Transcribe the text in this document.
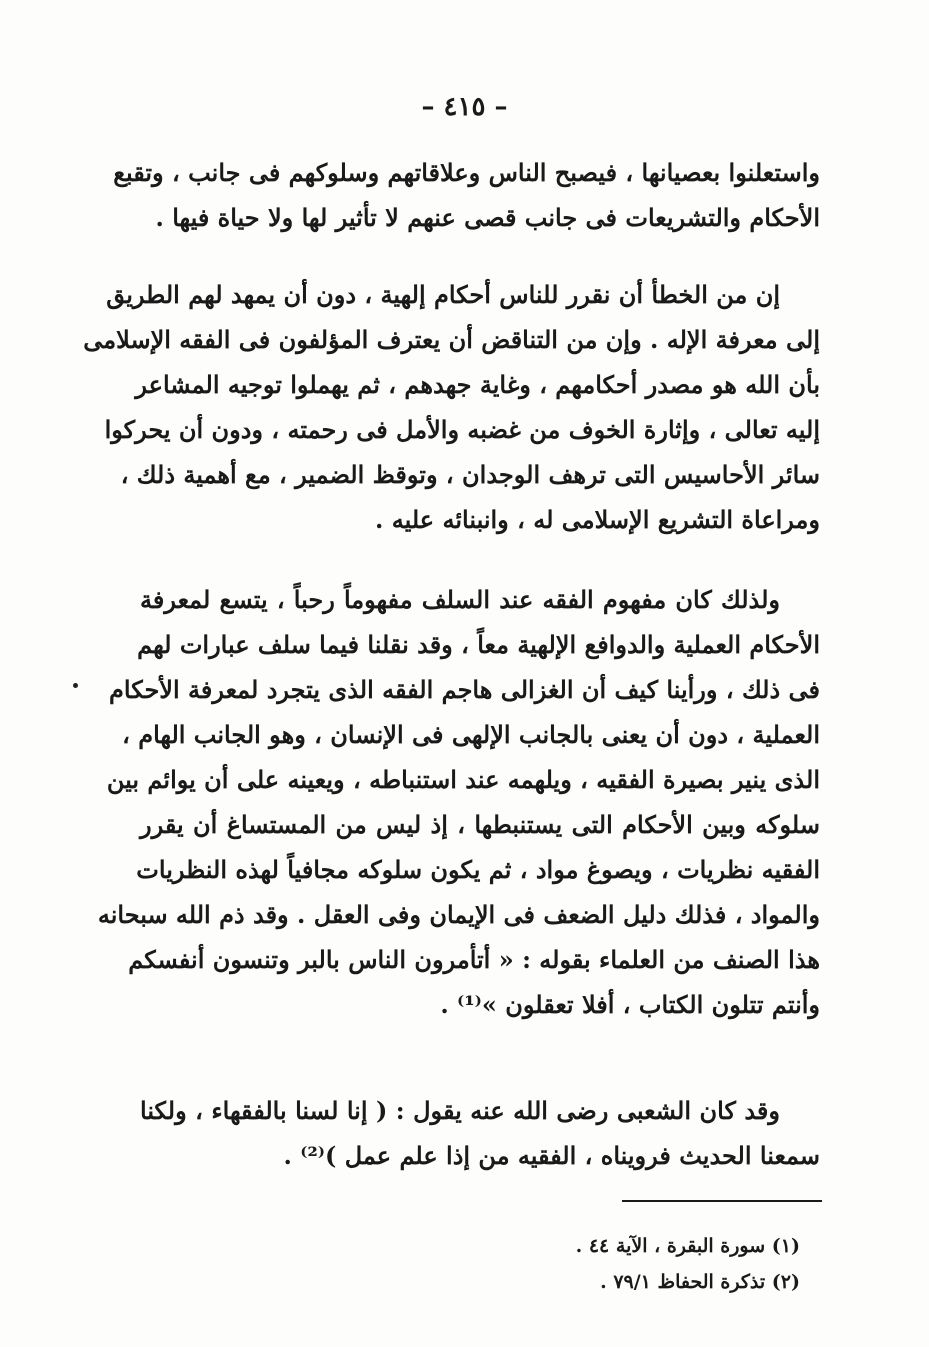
– ٤١٥ –
واستعلنوا بعصيانها ، فيصبح الناس وعلاقاتهم وسلوكهم فى جانب ، وتقبع
الأحكام والتشريعات فى جانب قصى عنهم لا تأثير لها ولا حياة فيها .
إن من الخطأ أن نقرر للناس أحكام إلهية ، دون أن يمهد لهم الطريق
إلى معرفة الإله . وإن من التناقض أن يعترف المؤلفون فى الفقه الإسلامى
بأن الله هو مصدر أحكامهم ، وغاية جهدهم ، ثم يهملوا توجيه المشاعر
إليه تعالى ، وإثارة الخوف من غضبه والأمل فى رحمته ، ودون أن يحركوا
سائر الأحاسيس التى ترهف الوجدان ، وتوقظ الضمير ، مع أهمية ذلك ،
ومراعاة التشريع الإسلامى له ، وانبنائه عليه .
ولذلك كان مفهوم الفقه عند السلف مفهوماً رحباً ، يتسع لمعرفة
الأحكام العملية والدوافع الإلهية معاً ، وقد نقلنا فيما سلف عبارات لهم
فى ذلك ، ورأينا كيف أن الغزالى هاجم الفقه الذى يتجرد لمعرفة الأحكام
العملية ، دون أن يعنى بالجانب الإلهى فى الإنسان ، وهو الجانب الهام ،
الذى ينير بصيرة الفقيه ، ويلهمه عند استنباطه ، ويعينه على أن يوائم بين
سلوكه وبين الأحكام التى يستنبطها ، إذ ليس من المستساغ أن يقرر
الفقيه نظريات ، ويصوغ مواد ، ثم يكون سلوكه مجافياً لهذه النظريات
والمواد ، فذلك دليل الضعف فى الإيمان وفى العقل . وقد ذم الله سبحانه
هذا الصنف من العلماء بقوله : « أتأمرون الناس بالبر وتنسون أنفسكم
وأنتم تتلون الكتاب ، أفلا تعقلون »⁽¹⁾ .
وقد كان الشعبى رضى الله عنه يقول : ( إنا لسنا بالفقهاء ، ولكنا
سمعنا الحديث فرويناه ، الفقيه من إذا علم عمل )⁽²⁾ .
(١) سورة البقرة ، الآية ٤٤ .
(٢) تذكرة الحفاظ ٧٩/١ .
